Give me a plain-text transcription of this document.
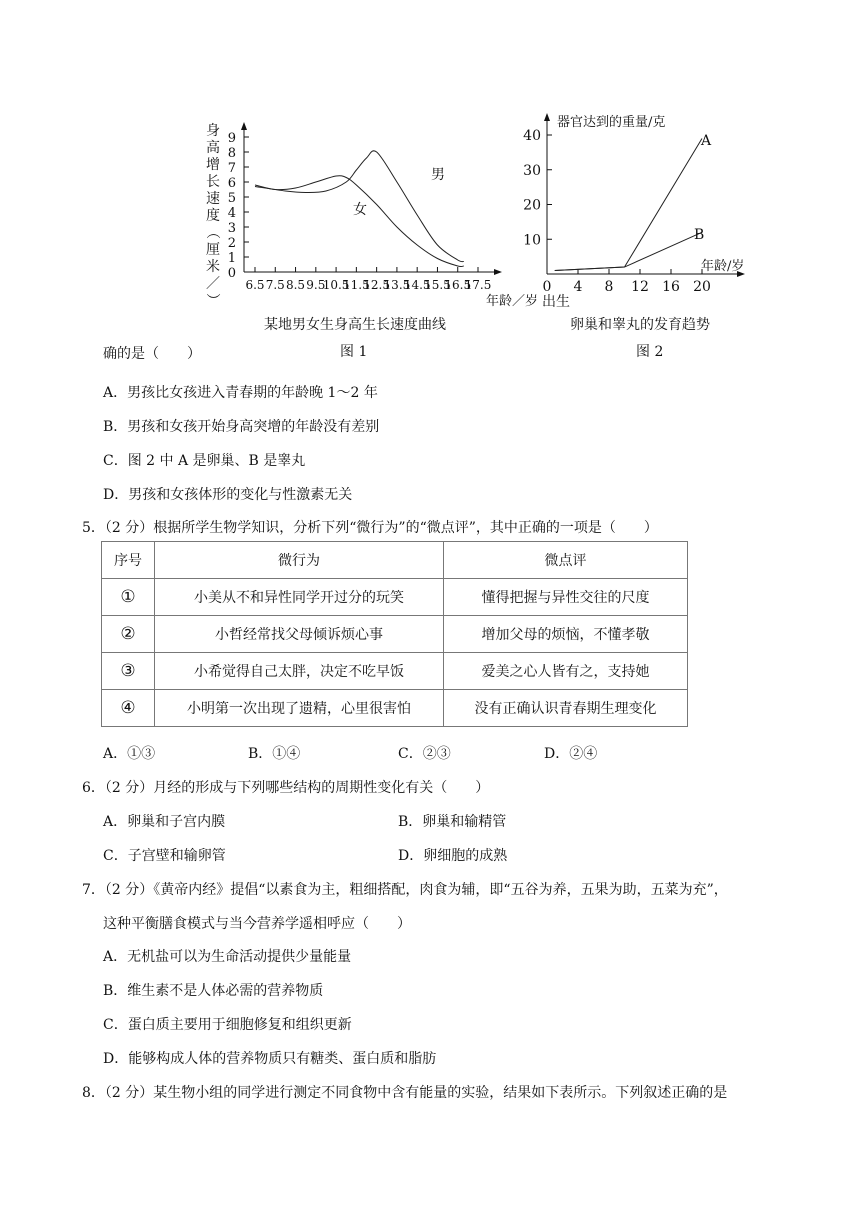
身
高
增
长
速
度
（
厘
米
／
）
0
1
2
3
4
5
6
7
8
9
6.5 7.5 8.5 9.5
10.5
11.5
12.5
13.5
14.5
15.5
16.5
17.5
男
女
年龄／岁
某地男女生身高生长速度曲线
图 1
器官达到的重量/克
10
20
30
40
0 4 8 12 16 20
A
B
年龄/岁
出生
卵巢和睾丸的发育趋势
图 2
确的是（　　）
A．男孩比女孩进入青春期的年龄晚 1～2 年
B．男孩和女孩开始身高突增的年龄没有差别
C．图 2 中 A 是卵巢、B 是睾丸
D．男孩和女孩体形的变化与性激素无关
5．（2 分）根据所学生物学知识，分析下列“微行为”的“微点评”，其中正确的一项是（　　）
序号	微行为	微点评
①	小美从不和异性同学开过分的玩笑	懂得把握与异性交往的尺度
②	小哲经常找父母倾诉烦心事	增加父母的烦恼，不懂孝敬
③	小希觉得自己太胖，决定不吃早饭	爱美之心人皆有之，支持她
④	小明第一次出现了遗精，心里很害怕	没有正确认识青春期生理变化
A．①③	B．①④	C．②③	D．②④
6．（2 分）月经的形成与下列哪些结构的周期性变化有关（　　）
A．卵巢和子宫内膜	B．卵巢和输精管
C．子宫壁和输卵管	D．卵细胞的成熟
7．（2 分）《黄帝内经》提倡“以素食为主，粗细搭配，肉食为辅，即“五谷为养，五果为助，五菜为充”，
这种平衡膳食模式与当今营养学遥相呼应（　　）
A．无机盐可以为生命活动提供少量能量
B．维生素不是人体必需的营养物质
C．蛋白质主要用于细胞修复和组织更新
D．能够构成人体的营养物质只有糖类、蛋白质和脂肪
8．（2 分）某生物小组的同学进行测定不同食物中含有能量的实验，结果如下表所示。下列叙述正确的是
